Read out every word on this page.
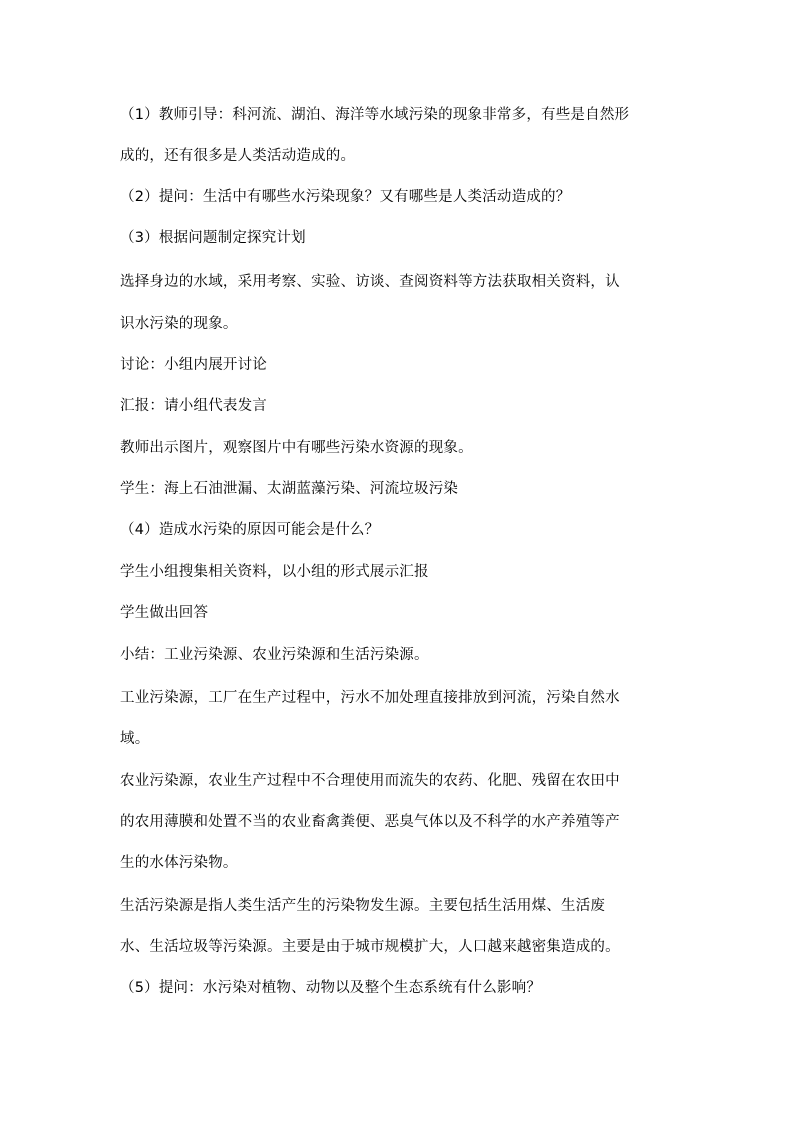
（1）教师引导：科河流、湖泊、海洋等水域污染的现象非常多，有些是自然形
成的，还有很多是人类活动造成的。
（2）提问：生活中有哪些水污染现象？又有哪些是人类活动造成的？
（3）根据问题制定探究计划
选择身边的水域，采用考察、实验、访谈、查阅资料等方法获取相关资料，认
识水污染的现象。
讨论：小组内展开讨论
汇报：请小组代表发言
教师出示图片，观察图片中有哪些污染水资源的现象。
学生：海上石油泄漏、太湖蓝藻污染、河流垃圾污染
（4）造成水污染的原因可能会是什么？
学生小组搜集相关资料，以小组的形式展示汇报
学生做出回答
小结：工业污染源、农业污染源和生活污染源。
工业污染源，工厂在生产过程中，污水不加处理直接排放到河流，污染自然水
域。
农业污染源，农业生产过程中不合理使用而流失的农药、化肥、残留在农田中
的农用薄膜和处置不当的农业畜禽粪便、恶臭气体以及不科学的水产养殖等产
生的水体污染物。
生活污染源是指人类生活产生的污染物发生源。主要包括生活用煤、生活废
水、生活垃圾等污染源。主要是由于城市规模扩大，人口越来越密集造成的。
（5）提问：水污染对植物、动物以及整个生态系统有什么影响？
